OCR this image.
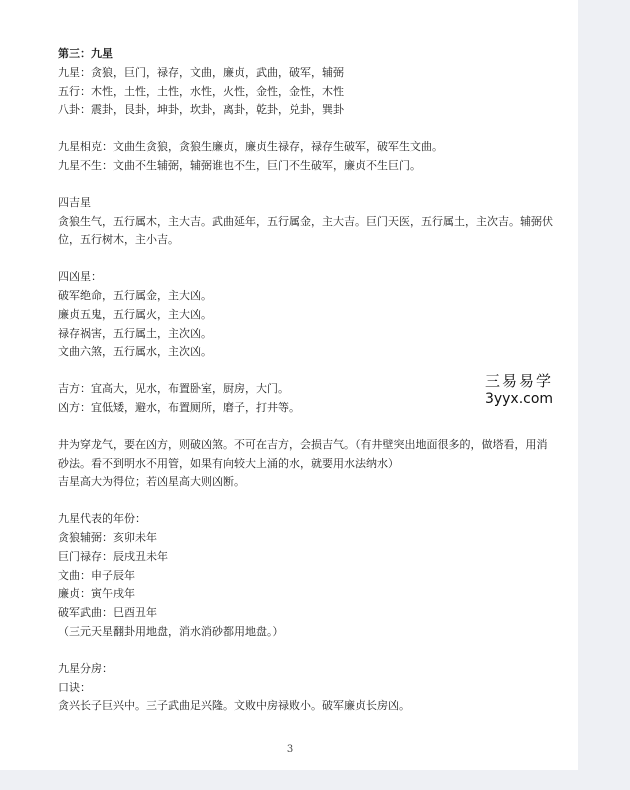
第三：九星
九星：贪狼，巨门，禄存，文曲，廉贞，武曲，破军，辅弼
五行：木性，土性，土性，水性，火性，金性，金性，木性
八卦：震卦，艮卦，坤卦，坎卦，离卦，乾卦，兑卦，巽卦
九星相克：文曲生贪狼，贪狼生廉贞，廉贞生禄存，禄存生破军，破军生文曲。
九星不生：文曲不生辅弼，辅弼谁也不生，巨门不生破军，廉贞不生巨门。
四吉星
贪狼生气，五行属木，主大吉。武曲延年，五行属金，主大吉。巨门天医，五行属土，主次吉。辅弼伏位，五行树木，主小吉。
四凶星：
破军绝命，五行属金，主大凶。
廉贞五鬼，五行属火，主大凶。
禄存祸害，五行属土，主次凶。
文曲六煞，五行属水，主次凶。
吉方：宜高大，见水，布置卧室，厨房，大门。
凶方：宜低矮，避水，布置厕所，磨子，打井等。
井为穿龙气，要在凶方，则破凶煞。不可在吉方，会损吉气。（有井壁突出地面很多的，做塔看，用消砂法。看不到明水不用管，如果有向较大上涌的水，就要用水法纳水）
吉星高大为得位；若凶星高大则凶断。
九星代表的年份：
贪狼辅弼：亥卯未年
巨门禄存：辰戌丑未年
文曲：申子辰年
廉贞：寅午戌年
破军武曲：巳酉丑年
（三元天星翻卦用地盘，消水消砂都用地盘。）
九星分房：
口诀：
贪兴长子巨兴中。三子武曲足兴隆。文败中房禄败小。破军廉贞长房凶。
三易易学
3yyx.com
3
